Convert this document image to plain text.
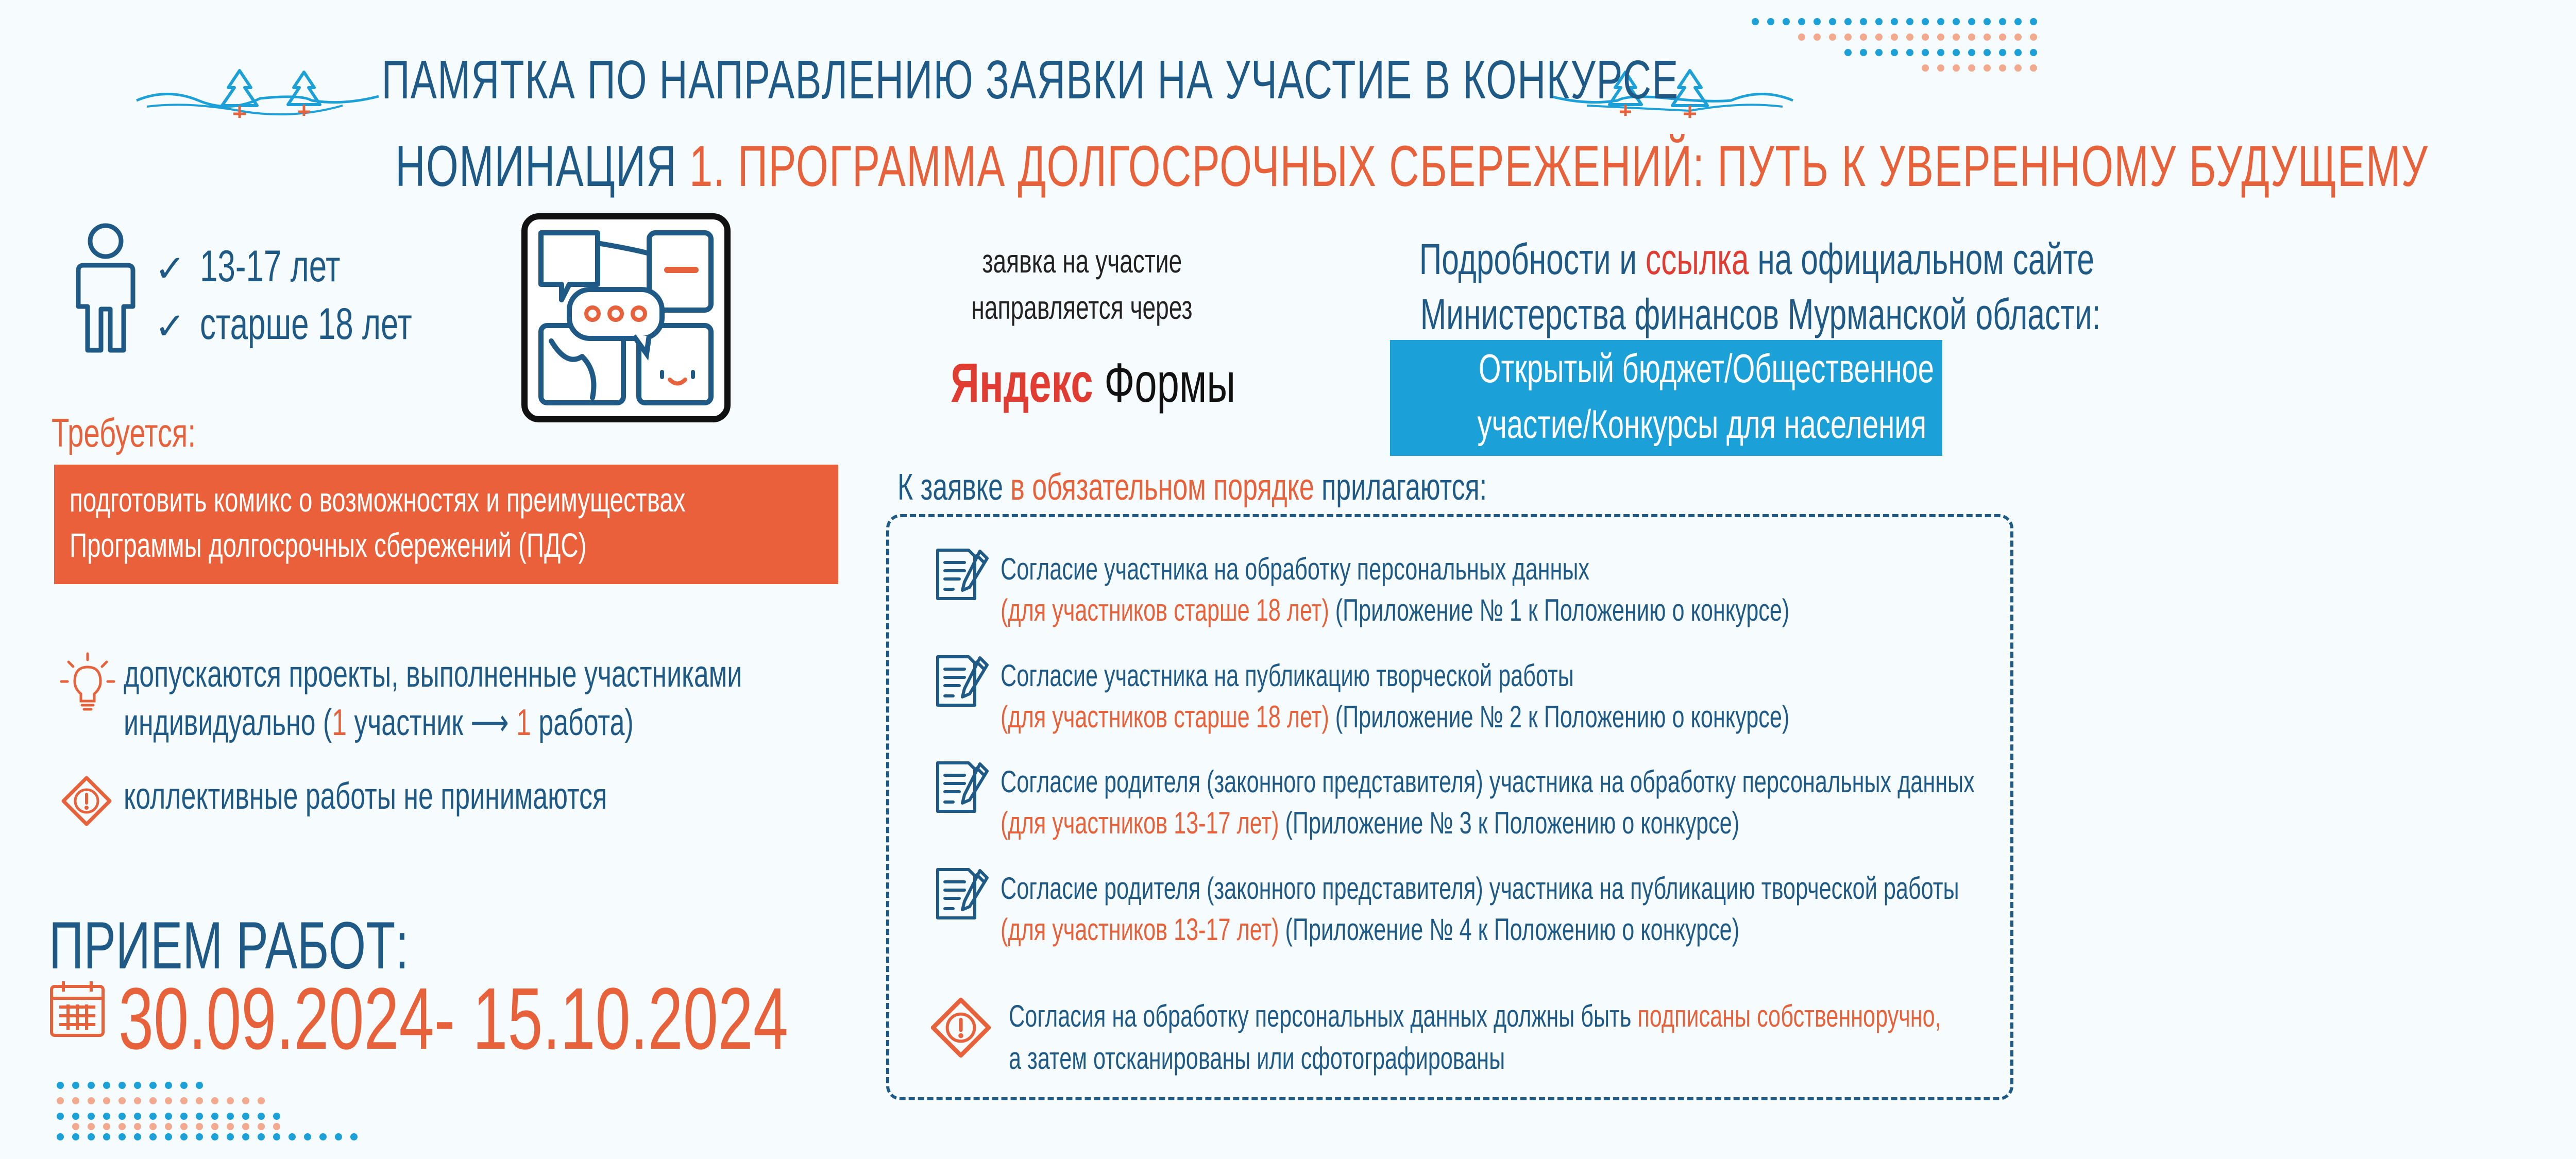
ПАМЯТКА ПО НАПРАВЛЕНИЮ ЗАЯВКИ НА УЧАСТИЕ В КОНКУРСЕ
НОМИНАЦИЯ 1. ПРОГРАММА ДОЛГОСРОЧНЫХ СБЕРЕЖЕНИЙ: ПУТЬ К УВЕРЕННОМУ БУДУЩЕМУ
✓ 13-17 лет
✓ старше 18 лет
Требуется:
подготовить комикс о возможностях и преимуществах
Программы долгосрочных сбережений (ПДС)
допускаются проекты, выполненные участниками
индивидуально (1 участник ⟶ 1 работа)
коллективные работы не принимаются
ПРИЕМ РАБОТ:
30.09.2024- 15.10.2024
заявка на участие
направляется через
Яндекс Формы
Подробности и ссылка на официальном сайте
Министерства финансов Мурманской области:
Открытый бюджет/Общественное
участие/Конкурсы для населения
К заявке в обязательном порядке прилагаются:
Согласие участника на обработку персональных данных
(для участников старше 18 лет) (Приложение № 1 к Положению о конкурсе)
Согласие участника на публикацию творческой работы
(для участников старше 18 лет) (Приложение № 2 к Положению о конкурсе)
Согласие родителя (законного представителя) участника на обработку персональных данных
(для участников 13-17 лет) (Приложение № 3 к Положению о конкурсе)
Согласие родителя (законного представителя) участника на публикацию творческой работы
(для участников 13-17 лет) (Приложение № 4 к Положению о конкурсе)
Согласия на обработку персональных данных должны быть подписаны собственноручно,
а затем отсканированы или сфотографированы
